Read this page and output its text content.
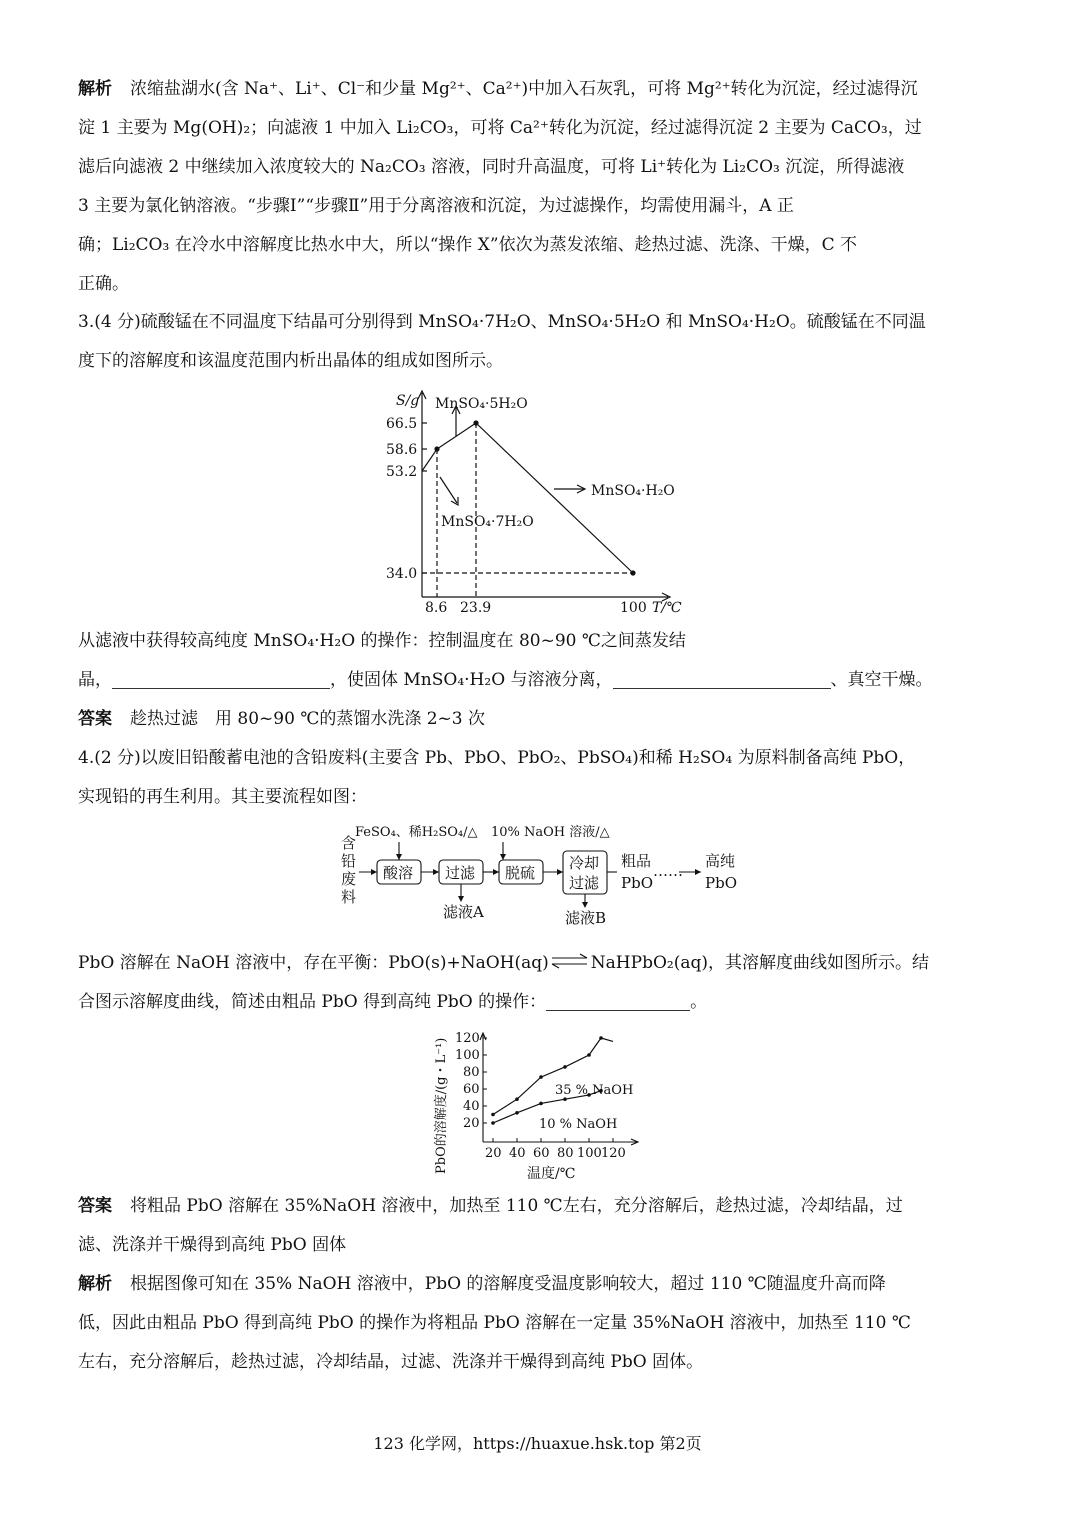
解析 浓缩盐湖水(含 Na⁺、Li⁺、Cl⁻和少量 Mg²⁺、Ca²⁺)中加入石灰乳，可将 Mg²⁺转化为沉淀，经过滤得沉

淀 1 主要为 Mg(OH)₂；向滤液 1 中加入 Li₂CO₃，可将 Ca²⁺转化为沉淀，经过滤得沉淀 2 主要为 CaCO₃，过

滤后向滤液 2 中继续加入浓度较大的 Na₂CO₃ 溶液，同时升高温度，可将 Li⁺转化为 Li₂CO₃ 沉淀，所得滤液

3 主要为氯化钠溶液。“步骤Ⅰ”“步骤Ⅱ”用于分离溶液和沉淀，为过滤操作，均需使用漏斗，A 正

确；Li₂CO₃ 在冷水中溶解度比热水中大，所以“操作 X”依次为蒸发浓缩、趁热过滤、洗涤、干燥，C 不

正确。

3.(4 分)硫酸锰在不同温度下结晶可分别得到 MnSO₄·7H₂O、MnSO₄·5H₂O 和 MnSO₄·H₂O。硫酸锰在不同温

度下的溶解度和该温度范围内析出晶体的组成如图所示。

S/g
66.5
58.6
53.2
34.0
8.6 23.9	100 T/℃
MnSO₄·5H₂O
MnSO₄·7H₂O
MnSO₄·H₂O

从滤液中获得较高纯度 MnSO₄·H₂O 的操作：控制温度在 80~90 ℃之间蒸发结

晶，	，使固体 MnSO₄·H₂O 与溶液分离，	、真空干燥。

答案 趁热过滤　用 80~90 ℃的蒸馏水洗涤 2~3 次

4.(2 分)以废旧铅酸蓄电池的含铅废料(主要含 Pb、PbO、PbO₂、PbSO₄)和稀 H₂SO₄ 为原料制备高纯 PbO，

实现铅的再生利用。其主要流程如图：

含
铅
废
料
FeSO₄、稀H₂SO₄/△ 10% NaOH 溶液/△
酸溶 过滤 脱硫
冷却
过滤
滤液A	滤液B
粗品
PbO
……
高纯
PbO

PbO 溶解在 NaOH 溶液中，存在平衡：PbO(s)+NaOH(aq)⇌NaHPbO₂(aq)，其溶解度曲线如图所示。结

合图示溶解度曲线，简述由粗品 PbO 得到高纯 PbO 的操作：	。

20 40 60 80 100 120
120
100
80
60
40
20
PbO的溶解度/(g・L⁻¹)	温度/℃
35 % NaOH
10 % NaOH

答案 将粗品 PbO 溶解在 35%NaOH 溶液中，加热至 110 ℃左右，充分溶解后，趁热过滤，冷却结晶，过

滤、洗涤并干燥得到高纯 PbO 固体

解析 根据图像可知在 35% NaOH 溶液中，PbO 的溶解度受温度影响较大，超过 110 ℃随温度升高而降

低，因此由粗品 PbO 得到高纯 PbO 的操作为将粗品 PbO 溶解在一定量 35%NaOH 溶液中，加热至 110 ℃

左右，充分溶解后，趁热过滤，冷却结晶，过滤、洗涤并干燥得到高纯 PbO 固体。

123 化学网，https://huaxue.hsk.top 第2页
